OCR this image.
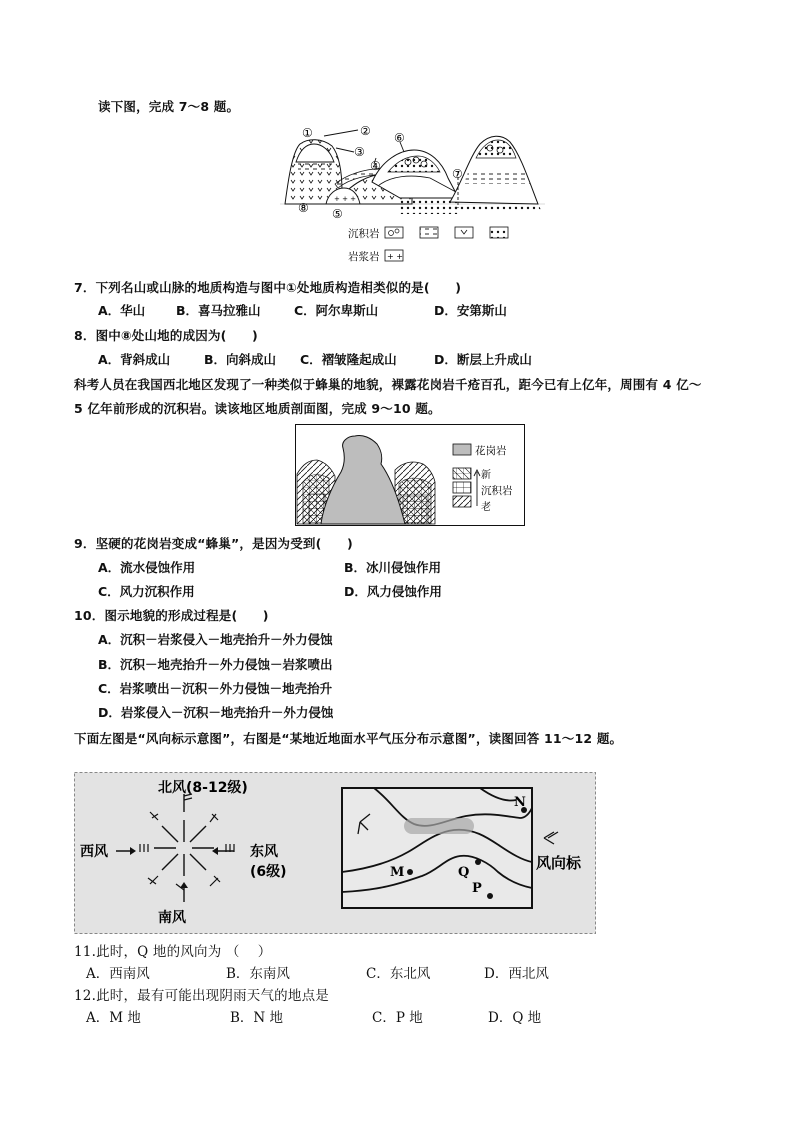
读下图，完成 7～8 题。
+ + +
①	②
③
④
⑤
⑥
⑦
⑧
沉积岩
岩浆岩 + +
7．下列名山或山脉的地质构造与图中①处地质构造相类似的是(　　)
A．华山 B．喜马拉雅山	C．阿尔卑斯山	D．安第斯山
8．图中⑧处山地的成因为(　　)
A．背斜成山	B．向斜成山 C．褶皱隆起成山	D．断层上升成山
科考人员在我国西北地区发现了一种类似于蜂巢的地貌，裸露花岗岩千疮百孔，距今已有上亿年，周围有 4 亿～
5 亿年前形成的沉积岩。读该地区地质剖面图，完成 9～10 题。
花岗岩
新
沉积岩
老
9．坚硬的花岗岩变成“蜂巢”，是因为受到(　　)
A．流水侵蚀作用	B．冰川侵蚀作用
C．风力沉积作用	D．风力侵蚀作用
10．图示地貌的形成过程是(　　)
A．沉积－岩浆侵入－地壳抬升－外力侵蚀
B．沉积－地壳抬升－外力侵蚀－岩浆喷出
C．岩浆喷出－沉积－外力侵蚀－地壳抬升
D．岩浆侵入－沉积－地壳抬升－外力侵蚀
下面左图是“风向标示意图”，右图是“某地近地面水平气压分布示意图”，读图回答 11～12 题。
北风(8-12级)
西风	东风
(6级)
南风
N
M	Q
P
风向标
11.此时，Q 地的风向为 （　 ）
A．西南风	B．东南风	C．东北风	D．西北风
12.此时，最有可能出现阴雨天气的地点是
A．M 地	B．N 地	C．P 地	D．Q 地
